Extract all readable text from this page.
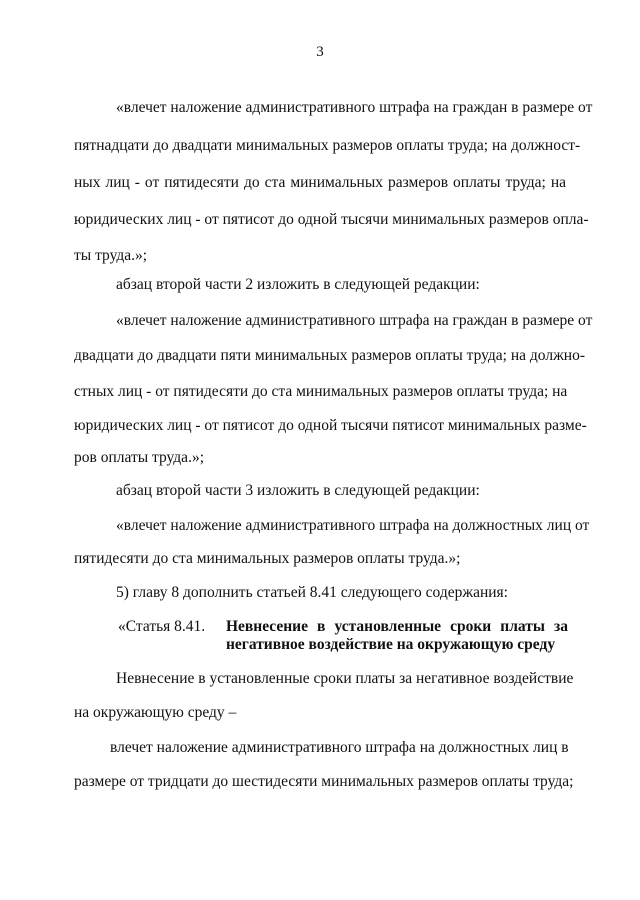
3
«влечет наложение административного штрафа на граждан в размере от
пятнадцати до двадцати минимальных размеров оплаты труда; на должност-
ных лиц - от пятидесяти до ста минимальных размеров оплаты труда; на
юридических лиц - от пятисот до одной тысячи минимальных размеров опла-
ты труда.»;
абзац второй части 2 изложить в следующей редакции:
«влечет наложение административного штрафа на граждан в размере от
двадцати до двадцати пяти минимальных размеров оплаты труда; на должно-
стных лиц - от пятидесяти до ста минимальных размеров оплаты труда; на
юридических лиц - от пятисот до одной тысячи пятисот минимальных разме-
ров оплаты труда.»;
абзац второй части 3 изложить в следующей редакции:
«влечет наложение административного штрафа на должностных лиц от
пятидесяти до ста минимальных размеров оплаты труда.»;
5) главу 8 дополнить статьей 8.41 следующего содержания:
«Статья 8.41.	Невнесение в установленные сроки платы за
негативное воздействие на окружающую среду
Невнесение в установленные сроки платы за негативное воздействие
на окружающую среду –
влечет наложение административного штрафа на должностных лиц в
размере от тридцати до шестидесяти минимальных размеров оплаты труда;
